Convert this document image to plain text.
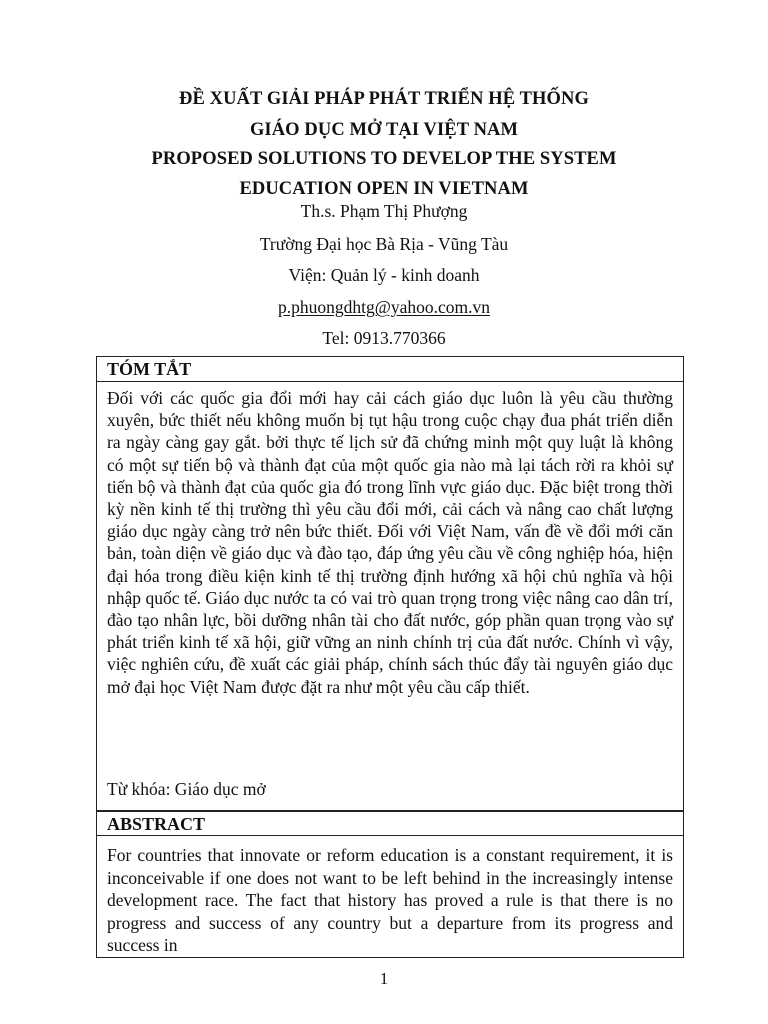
ĐỀ XUẤT GIẢI PHÁP PHÁT TRIỂN HỆ THỐNG
GIÁO DỤC MỞ TẠI VIỆT NAM
PROPOSED SOLUTIONS TO DEVELOP THE SYSTEM
EDUCATION OPEN IN VIETNAM
Th.s. Phạm Thị Phượng
Trường Đại học Bà Rịa - Vũng Tàu
Viện: Quản lý - kinh doanh
p.phuongdhtg@yahoo.com.vn
Tel: 0913.770366
TÓM TẮT
Đối với các quốc gia đổi mới hay cải cách giáo dục luôn là yêu cầu thường xuyên, bức thiết nếu không muốn bị tụt hậu trong cuộc chạy đua phát triển diễn ra ngày càng gay gắt. bởi thực tế lịch sử đã chứng minh một quy luật là không có một sự tiến bộ và thành đạt của một quốc gia nào mà lại tách rời ra khỏi sự tiến bộ và thành đạt của quốc gia đó trong lĩnh vực giáo dục. Đặc biệt trong thời kỳ nền kinh tế thị trường thì yêu cầu đổi mới, cải cách và nâng cao chất lượng giáo dục ngày càng trở nên bức thiết. Đối với Việt Nam, vấn đề về đổi mới căn bản, toàn diện về giáo dục và đào tạo, đáp ứng yêu cầu về công nghiệp hóa, hiện đại hóa trong điều kiện kinh tế thị trường định hướng xã hội chủ nghĩa và hội nhập quốc tế. Giáo dục nước ta có vai trò quan trọng trong việc nâng cao dân trí, đào tạo nhân lực, bồi dưỡng nhân tài cho đất nước, góp phần quan trọng vào sự phát triển kinh tế xã hội, giữ vững an ninh chính trị của đất nước. Chính vì vậy, việc nghiên cứu, đề xuất các giải pháp, chính sách thúc đẩy tài nguyên giáo dục mở đại học Việt Nam được đặt ra như một yêu cầu cấp thiết.
Từ khóa: Giáo dục mở
ABSTRACT
For countries that innovate or reform education is a constant requirement, it is inconceivable if one does not want to be left behind in the increasingly intense development race. The fact that history has proved a rule is that there is no progress and success of any country but a departure from its progress and success in
1
